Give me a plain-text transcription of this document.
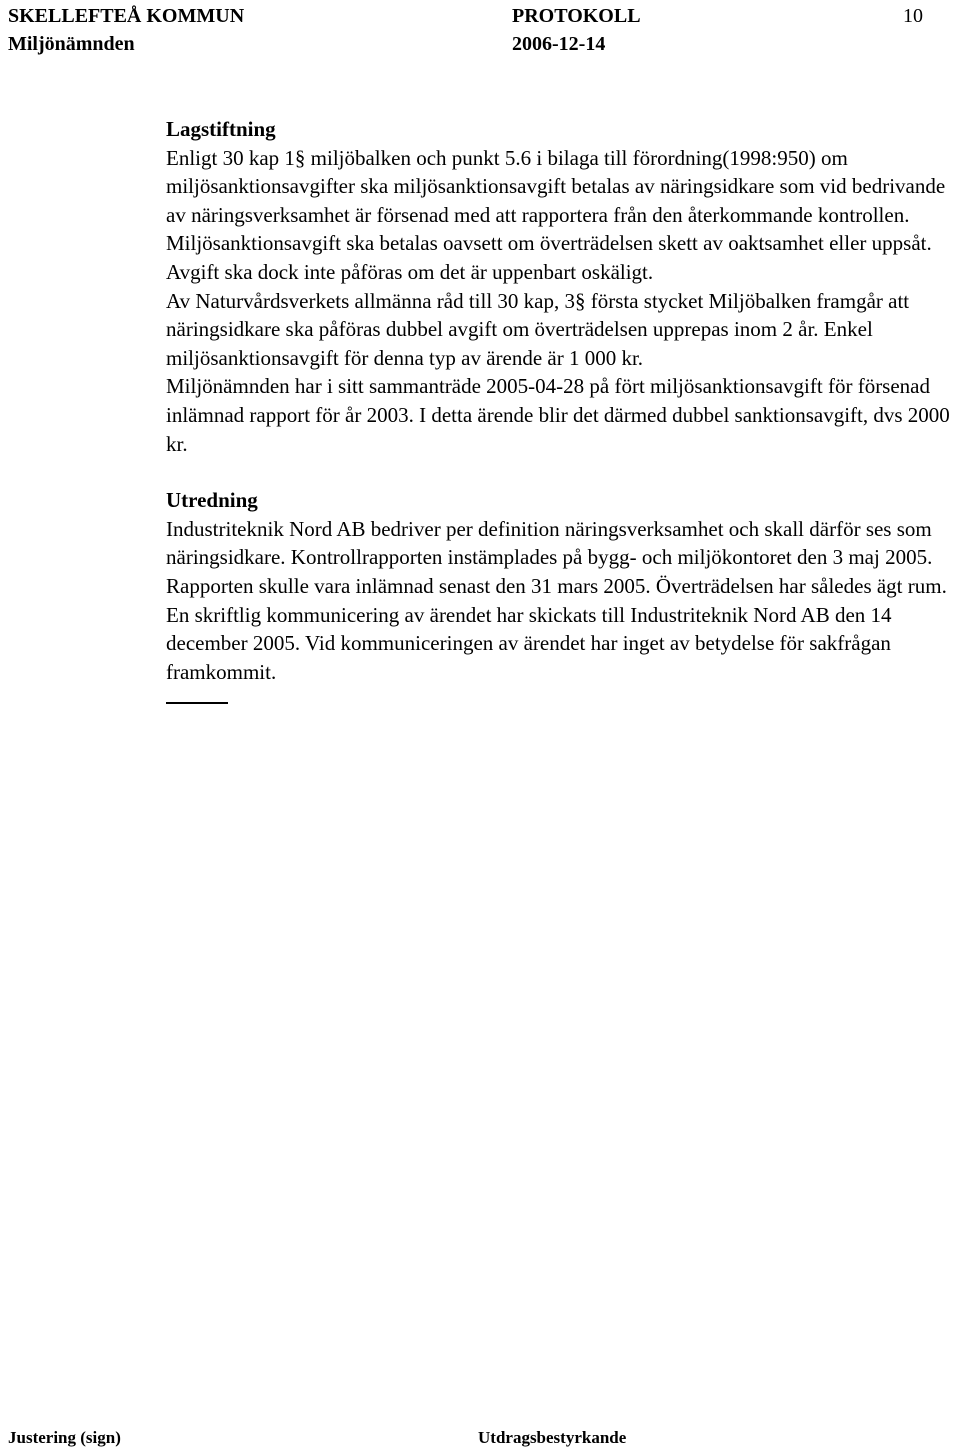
SKELLEFTEÅ KOMMUN
Miljönämnden
PROTOKOLL
2006-12-14
10

Lagstiftning

Enligt 30 kap 1§ miljöbalken och punkt 5.6 i bilaga till förordning(1998:950) om miljösanktionsavgifter ska miljösanktionsavgift betalas av näringsidkare som vid bedrivande av näringsverksamhet är försenad med att rapportera från den återkommande kontrollen.

Miljösanktionsavgift ska betalas oavsett om överträdelsen skett av oaktsamhet eller uppsåt. Avgift ska dock inte påföras om det är uppenbart oskäligt.

Av Naturvårdsverkets allmänna råd till 30 kap, 3§ första stycket Miljöbalken framgår att näringsidkare ska påföras dubbel avgift om överträdelsen upprepas inom 2 år. Enkel miljösanktionsavgift för denna typ av ärende är 1 000 kr.

Miljönämnden har i sitt sammanträde 2005-04-28 på fört miljösanktionsavgift för försenad inlämnad rapport för år 2003. I detta ärende blir det därmed dubbel sanktionsavgift, dvs 2000 kr.

Utredning

Industriteknik Nord AB bedriver per definition näringsverksamhet och skall därför ses som näringsidkare. Kontrollrapporten instämplades på bygg- och miljökontoret den 3 maj 2005. Rapporten skulle vara inlämnad senast den 31 mars 2005. Överträdelsen har således ägt rum. En skriftlig kommunicering av ärendet har skickats till Industriteknik Nord AB den 14 december 2005. Vid kommuniceringen av ärendet har inget av betydelse för sakfrågan framkommit.

Justering (sign)	Utdragsbestyrkande
